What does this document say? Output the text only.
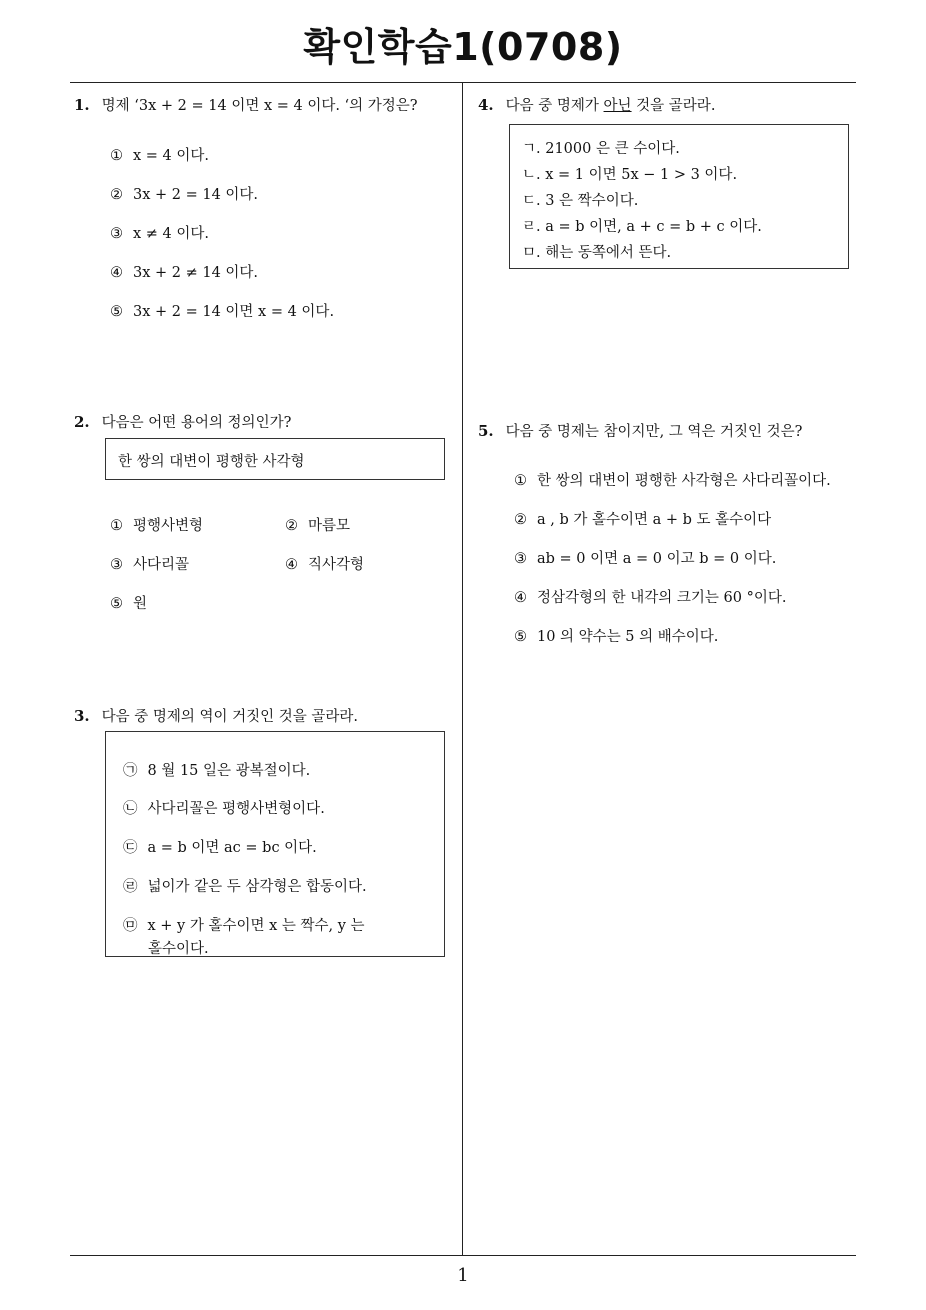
확인학습1(0708)
1
1. 명제 ‘3x + 2 = 14 이면 x = 4 이다. ‘의 가정은?
① x = 4 이다.
② 3x + 2 = 14 이다.
③ x ≠ 4 이다.
④ 3x + 2 ≠ 14 이다.
⑤ 3x + 2 = 14 이면 x = 4 이다.
2. 다음은 어떤 용어의 정의인가?
한 쌍의 대변이 평행한 사각형
① 평행사변형	② 마름모
③ 사다리꼴	④ 직사각형
⑤ 원
3. 다음 중 명제의 역이 거짓인 것을 골라라.
㉠ 8 월 15 일은 광복절이다.
㉡ 사다리꼴은 평행사변형이다.
㉢ a = b 이면 ac = bc 이다.
㉣ 넓이가 같은 두 삼각형은 합동이다.
㉤ x + y 가 홀수이면 x 는 짝수, y 는
홀수이다.
4. 다음 중 명제가 아닌 것을 골라라.
ㄱ. 21000 은 큰 수이다.
ㄴ. x = 1 이면 5x − 1 > 3 이다.
ㄷ. 3 은 짝수이다.
ㄹ. a = b 이면, a + c = b + c 이다.
ㅁ. 해는 동쪽에서 뜬다.
5. 다음 중 명제는 참이지만, 그 역은 거짓인 것은?
① 한 쌍의 대변이 평행한 사각형은 사다리꼴이다.
② a , b 가 홀수이면 a + b 도 홀수이다
③ ab = 0 이면 a = 0 이고 b = 0 이다.
④ 정삼각형의 한 내각의 크기는 60 °이다.
⑤ 10 의 약수는 5 의 배수이다.
